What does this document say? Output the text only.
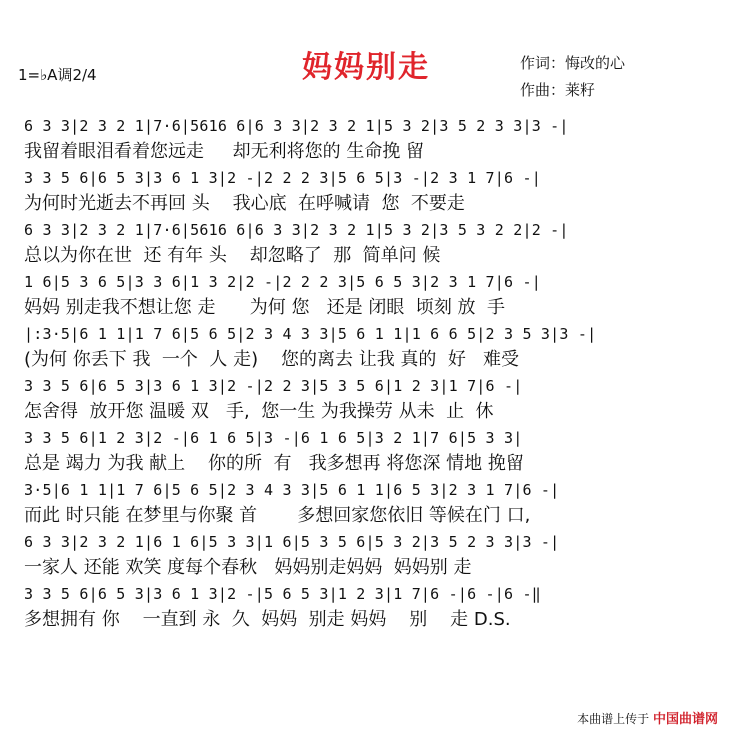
1=♭A调2/4	妈妈别走	作词：悔改的心
作曲：莱籽
6 3 3|2 3 2 1|7·6|5616 6|6 3 3|2 3 2 1|5 3 2|3 5 2 3 3|3 -|
我留着眼泪看着您远走     却无利将您的 生命挽 留
3 3 5 6|6 5 3|3 6 1 3|2 -|2 2 2 3|5 6 5|3 -|2 3 1 7|6 -|
为何时光逝去不再回 头    我心底  在呼喊请  您  不要走
6 3 3|2 3 2 1|7·6|5616 6|6 3 3|2 3 2 1|5 3 2|3 5 3 2 2|2 -|
总以为你在世  还 有年 头    却忽略了  那  简单问 候
1 6|5 3 6 5|3 3 6|1 3 2|2 -|2 2 2 3|5 6 5 3|2 3 1 7|6 -|
妈妈 别走我不想让您 走      为何 您   还是 闭眼  顷刻 放  手
|:3·5|6 1 1|1 7 6|5 6 5|2 3 4 3 3|5 6 1 1|1 6 6 5|2 3 5 3|3 -|
(为何 你丢下 我  一个  人 走)    您的离去 让我 真的  好   难受
3 3 5 6|6 5 3|3 6 1 3|2 -|2 2 3|5 3 5 6|1 2 3|1 7|6 -|
怎舍得  放开您 温暖 双   手,  您一生 为我操劳 从未  止  休
3 3 5 6|1 2 3|2 -|6 1 6 5|3 -|6 1 6 5|3 2 1|7 6|5 3 3|
总是 竭力 为我 献上    你的所  有   我多想再 将您深 情地 挽留
3·5|6 1 1|1 7 6|5 6 5|2 3 4 3 3|5 6 1 1|6 5 3|2 3 1 7|6 -|
而此 时只能 在梦里与你聚 首       多想回家您依旧 等候在门 口,
6 3 3|2 3 2 1|6 1 6|5 3 3|1 6|5 3 5 6|5 3 2|3 5 2 3 3|3 -|
一家人 还能 欢笑 度每个春秋   妈妈别走妈妈  妈妈别 走
3 3 5 6|6 5 3|3 6 1 3|2 -|5 6 5 3|1 2 3|1 7|6 -|6 -|6 -‖
多想拥有 你    一直到 永  久  妈妈  别走 妈妈    别    走 D.S.
本曲谱上传于 中国曲谱网
